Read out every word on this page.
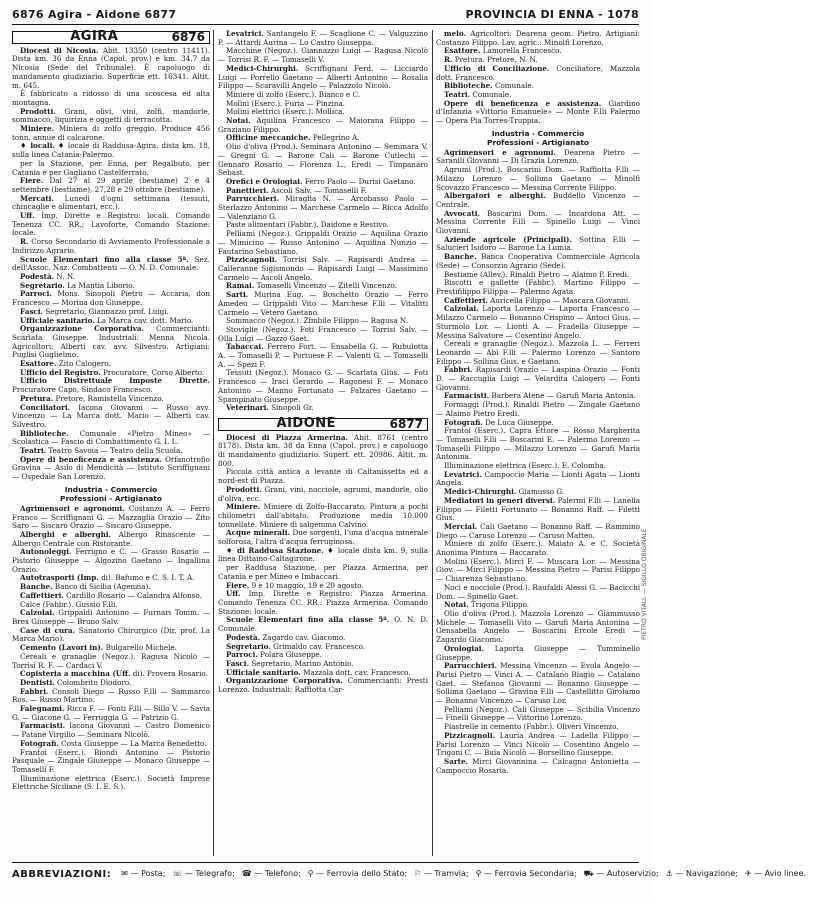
6876 Agira - Aidone 6877	PROVINCIA DI ENNA - 1078
AGIRA	6876

Diocesi di Nicosia. Abit. 13350 (centro 11411). Dista km. 36 da Enna (Capol. prov.) e km. 34,7 da Nicosia (Sede del Tribunale). È capoluogo di mandamento giudiziario. Superficie ett. 16341. Altit. m. 645.

È fabbricato a ridosso di una scoscesa ed alta montagna.

Prodotti. Grani, olivi, vini, zolfi, mandorle, sommacco, liquirizia e oggetti di terracotta.

Miniere. Miniera di zolfo greggio. Produce 456 tonn. annue di calcarone.

♦ locali. ♦ locale di Raddusa-Agira, dista km. 18, sulla linea Catania-Palermo.

per la Stazione, per Enna, per Regalbuto, per Catania e per Gagliano Castelferrato.

Fiere. Dal 27 al 29 aprile (bestiame) 2 e 4 settembre (bestiame), 27,28 e 29 ottobre (bestiame).

Mercati. Lunedì d'ogni settimana (tessuti, chincaglie e alimentari, ecc.).

Uff. Imp. Dirette e Registro: locali. Comando Tenenza CC. RR.; Lavoforte, Comando Stazione: locale.

R. Corso Secondario di Avviamento Professionale a Indirizzo Agrario.

Scuole Elementari fino alla classe 5ª. Sez. dell'Assoc. Naz. Combattenti — O. N. D. Comunale.

Podestà. N. N.

Segretario. La Mantia Liborio.

Parroci. Mons. Sinopoli Pietro — Accaria, don Francesco — Morina don Giuseppe.

Fasci. Segretario, Giannazzo prof. Luigi.

Ufficiale sanitario. La Marca cav. dott. Mario.

Organizzazione Corporativa. Commercianti: Scarlata Giuseppe. Industriali: Menna Nicola. Agricoltori: Alberti cav. avv. Silvestro. Artigiani: Puglisi Guglielmo.

Esattore. Zito Calogero.

Ufficio del Registro. Procuratore, Corso Alberto.

Ufficio Distrettuale Imposte Dirette. Procuratore Capo, Sindaco Francesco.

Pretura. Pretore, Ramistella Vincenzo.

Conciliatori. Iacona Giovanni — Russo avv. Vincenzo — La Marca dott. Mario — Alberti cav. Silvestro.

Biblioteche. Comunale «Pietro Mineo» — Scolastica — Fascio di Combattimento G. I. L.

Teatri. Teatro Savoia — Teatro della Scuola.

Opere di beneficenza e assistenza. Orfanotrofio Gravina — Asilo di Mendicità — Istituto Scriffignani — Ospedale San Lorenzo.

Industria - Commercio
Professioni - Artigianato

Agrimensori e agronomi. Costanzo A. — Ferro Franco — Scriffignani G. — Mazzaglia Orazio — Zito Saro — Siscaro Orazio — Siscaro Giuseppe.

Alberghi e alberghi. Albergo Rinascente — Albergo Centrale con Ristorante.

Autonoleggi. Ferrigno e C. — Grasso Rosario — Pistorio Giuseppe — Algozino Gaetano — Ingallina Orazio.

Autotrasporti (Imp. di). Bafumo e C. S. I. T. A.

Banche. Banco di Sicilia (Agenzia).

Caffettieri. Cardillo Rosario — Calandra Alfonso.

Calce (Fabbr.). Gussio F.lli.

Calzolai. Grippaldi Antonino — Furnari Tomm. — Brex Giuseppe — Bruno Salv.

Case di cura. Sanatorio Chirurgico (Dir. prof. La Marca Mario).

Cemento (Lavori in). Bulgarello Michele.

Cereali e granaglie (Negoz.). Ragusa Nicolò — Torrisi R. F. — Cardaci V.

Copisteria a macchina (Uff. di). Provera Rosario.

Dentisti. Colombrito Diodoro.

Fabbri. Consoli Diego — Russo F.lli — Sammarco Ros. — Russo Martino.

Falegnami. Ricca F. — Fonti F.lli — Sillo V. — Savia G. — Giacone G. — Ferruggia G. — Patrizio G.

Farmacisti. Iacona Giovanni — Castro Domenico — Patanè Virgilio — Seminara Nicolò.

Fotografi. Costa Giuseppe — La Marca Benedetto.

Frantoi (Eserc.). Biondi Antonino — Pistorio Pasquale — Zingale Giuseppe — Monaco Giuseppe — Tomaselli F.

Illuminazione elettrica (Eserc.). Società Imprese Elettriche Siciliane (S. I. E. S.).

Levatrici. Santangelo F. — Scaglione C. — Valguzzino P. — Attardi Aurina — Lo Castro Giuseppa.

Macchine (Negoz.). Giannazzo Luigi — Ragusa Nicolò — Torrisi R. F. — Tomaselli V.

Medici-Chirurghi. Scriffignani Ferd. — Licciardo Luigi — Porrello Gaetano — Alberti Antonino — Rosalia Filippo — Scaravilli Angelo — Palazzolo Nicolò.

Miniere di zolfo (Eserc.). Bianco e C.

Molini (Eserc.). Furia — Pinzina.

Molini elettrici (Eserc.). Mollica.

Notai. Aquilina Francesco — Maiorana Filippo — Graziano Filippo.

Officine meccaniche. Pellegrino A.

Olio d'oliva (Prod.). Seminara Antonino — Seminara V. — Gregni G. — Barone Cali — Barone Cutlechi — Gennaro Rosario — Florenza L., Eredi — Timpanaro Sebast.

Orefici e Orologiai. Ferro Paolo — Durisi Gaetano.

Panettieri. Ascoli Salv. — Tomaselli F.

Parrucchieri. Miraglia N. — Arcobasso Paolo — Sterlazzo Antonino — Marchese Carmelo — Ricca Adolfo — Valenziano G.

Paste alimentari (Fabbr.). Daidone e Restivo.

Pelliami (Negoz.). Grippaldi Orazio — Aquilina Orazio — Mimicino — Russo Antonino — Aquilina Nunzio — Fautarino Sebastiano.

Pizzicagnoli. Torrisi Salv. — Rapisardi Andrea — Calleranne Sigismondo — Rapisardi Luigi — Massimino Carmelo — Ascoli Angelo.

Ramai. Tomaselli Vincenzo — Zitelli Vincenzo.

Sarti. Murina Eug. — Boschetto Orazio — Ferro Amedeo — Grippaldi Vito — Marchese F.lli — Vitalitti Carmelo — Vetero Gaetano.

Sommacco (Negoz.). Zimbile Filippo — Ragusa N.

Stoviglie (Negoz.). Foti Francesco — Torrisi Salv. — Olla Luigi — Gazzo Gaet.

Tabaccai. Ferrero Fort. — Ensabella G. — Rubulotta A. — Tomaselli P. — Portuese F. — Valenti G. — Tomaselli A. — Spezi F.

Tessuti (Negoz.). Monaco G. — Scarlata Gius. — Foti Francesco — Iraci Gerardo — Ragonesi F. — Monaco Antonino — Manno Fortunato — Falzares Gaetano — Spampinato Giuseppe.

Veterinari. Sinopoli Gr.

AIDONE	6877

Diocesi di Piazza Armerina. Abit. 8761 (centro 8178). Dista km. 38 da Enna (Capol. prov.) e capoluogo di mandamento giudiziario. Superf. ett. 20986. Altit. m. 800.

Piccola città antica a levante di Caltanissetta ed a nord-est di Piazza.

Prodotti. Grani, vini, nocciole, agrumi, mandorle, olio d'oliva, ecc.

Miniere. Miniere di Zolfo-Baccarato. Pintura a pochi chilometri dall'abitato. Produzione media 10.000 tonnellate. Miniere di salgemma Calvino.

Acque minerali. Due sorgenti, l'una d'acqua minerale solforosa, l'altra d'acqua ferruginosa.

♦ di Raddusa Stazione. ♦ locale dista km. 9, sulla linea Dittaino-Caltagirone.

per Raddusa Stazione, per Piazza Armerina, per Catania e per Mineo e Imbaccari.

Fiere. 9 e 10 maggio, 19 e 20 agosto.

Uff. Imp. Dirette e Registro: Piazza Armerina. Comando Tenenza CC. RR.: Piazza Armerina. Comando Stazione: locale.

Scuole Elementari fino alla classe 5ª. O. N. D. Comunale.

Podestà. Zagardo cav. Giacomo.

Segretario. Grimaldo cav. Francesco.

Parroci. Polara Giuseppe.

Fasci. Segretario, Marino Antonio.

Ufficiale sanitario. Mazzola dott. cav. Francesco.

Organizzazione Corporativa. Commercianti: Presti Lorenzo. Industriali: Raffiotta Car-

melo. Agricoltori: Dearena geom. Pietro. Artigiani: Costanzo Filippo. Lav. agric.: Minolfi Lorenzo.

Esattore. Lamorella Francesco.

R. Pretura. Pretore, N. N.

Ufficio di Conciliazione. Conciliatore, Mazzola dott. Francesco.

Biblioteche. Comunale.

Teatri. Comunale.

Opere di beneficenza e assistenza. Giardino d'Infanzia «Vittorio Emanuele» — Monte F.lli Palermo — Opera Pia Torres-Truppia.

Industria - Commercio
Professioni - Artigianato

Agrimensori e agronomi. Dearena Pietro — Saranili Giovanni — Di Grazia Lorenzo.

Agrumi (Prod.). Boscarini Dom. — Raffiotta F.lli — Milazzo Lorenzo — Sollima Gaetano — Minolfi Scovazzo Francesco — Messina Corrente Filippo.

Albergatori e alberghi. Buddello Vincenzo — Centrale.

Avvocati. Boscarini Dom. — Incardona Att. — Messina Corrente F.lli — Spinello Luigi — Vinci Giovanni.

Aziende agricole (Principali). Sottina F.lli — Salucieri Isidoro — Barone La Lumia.

Banche. Banca Cooperativa Commerciale Agricola (Sede) — Consorzio Agrario (Sede).

Bestiame (Allev.). Rinaldi Pietro — Alaimo P. Eredi.

Biscotti e gallette (Fabbr.). Martino Filippo — Prestifilippo Filippa — Palermo Agata.

Caffettieri. Auricella Filippo — Mascara Giovanni.

Calzolai. Laporta Lorenzo — Laporta Francesco — Milazzo Carmelo — Bonanno Crispino — Antoci Gius. — Sturmolo Lor. — Lionti A. — Fradella Giuseppe — Messina Salvatore — Cosentino Angelo.

Cereali e granaglie (Negoz.). Mazzola L. — Ferreri Leonardo — Abì F.lli — Palermo Lorenzo — Santoro Filippo — Sollina Gius. e Gaetano.

Fabbri. Rapisardi Orazio — Laspina Orazio — Fonti D. — Raccuglia Luigi — Velardita Calogero — Fonti Giovanni.

Farmacisti. Barbera Atene — Garufi Maria Antonia.

Formaggi (Prod.). Rinaldi Pietro — Zingale Gaetano — Alaimo Pietro Eredi.

Fotografi. De Luca Giuseppe.

Frantoi (Eserc.). Capra Ettore — Rosso Margherita — Tomaselli F.lli — Boscarini E. — Palermo Lorenzo — Tomaselli Filippo — Milazzo Lorenzo — Garufi Maria Antonina.

Illuminazione elettrica (Eserc.). E. Colomba.

Levatrici. Campoccio Maria — Lionti Agata — Lionti Angela.

Medici-Chirurghi. Giamusso G.

Mediatori in generi diversi. Palermi F.lli — Lanella Filippo — Filetti Fortunato — Bonanno Raff. — Filetti Gius.

Mercial. Cali Gaetano — Bonanno Raff. — Rammino Diego — Caruso Lorenzo — Caruso Matteo.

Miniere di zolfo (Eserc.). Maiato A. e C. Società Anonima Pintura — Baccarato.

Molini (Eserc.). Mirci F. — Muscara Lor. — Messina Giov. — Mirci Filippo — Messina Pietro — Parisi Filippo — Chiarenza Sebastiano.

Noci e nocciole (Prod.). Raufaldi Alessi G. — Bacicchi Dom. — Spinello Gaet.

Notai. Trigona Filippo.

Olio d'oliva (Prod.). Mazzola Lorenzo — Giammusso Michele — Tomaselli Vito — Garufi Maria Antonina — Gensabella Angelo — Boscarini Ercole Eredi — Zagardo Giacomo.

Orologiai. Laporta Giuseppe — Tumminello Giuseppe.

Parrucchieri. Messina Vincenzo — Evola Angelo — Parisi Pietro — Vinci A. — Catalano Biagio — Catalano Gaet. — Stefanoa Giovanni — Bonanno Giuseppe — Sollima Gaetano — Gravina F.lli — Castellitto Girolamo — Bonanno Vincenzo — Caruso Lor.

Pelliami (Negoz.). Cali Giuseppe — Scibilia Vincenzo — Finelli Giuseppe — Vittorino Lorenzo.

Piastrelle in cemento (Fabbr.). Oliveri Vincenzo.

Pizzicagnoli. Lauria Andrea — Ladella Filippo — Parisi Lorenzo — Vinci Nicolò — Cosentino Angelo — Trigoni C. — Buia Nicolò — Borsellino Giuseppe.

Sarte. Mirci Giovannina — Calcagno Antonietta — Campoccio Rosaria.

PIETRO VITALI. — SIGILLO ORIGINALE
ABBREVIAZIONI: ✉ — Posta; ☏ — Telegrafo; ☎ — Telefono; ⚲ — Ferrovia dello Stato; ⚐ — Tramvia; ⚲ — Ferrovia Secondaria; ⛟ — Autoservizio; ⚓ — Navigazione; ✈ — Avio linee.
